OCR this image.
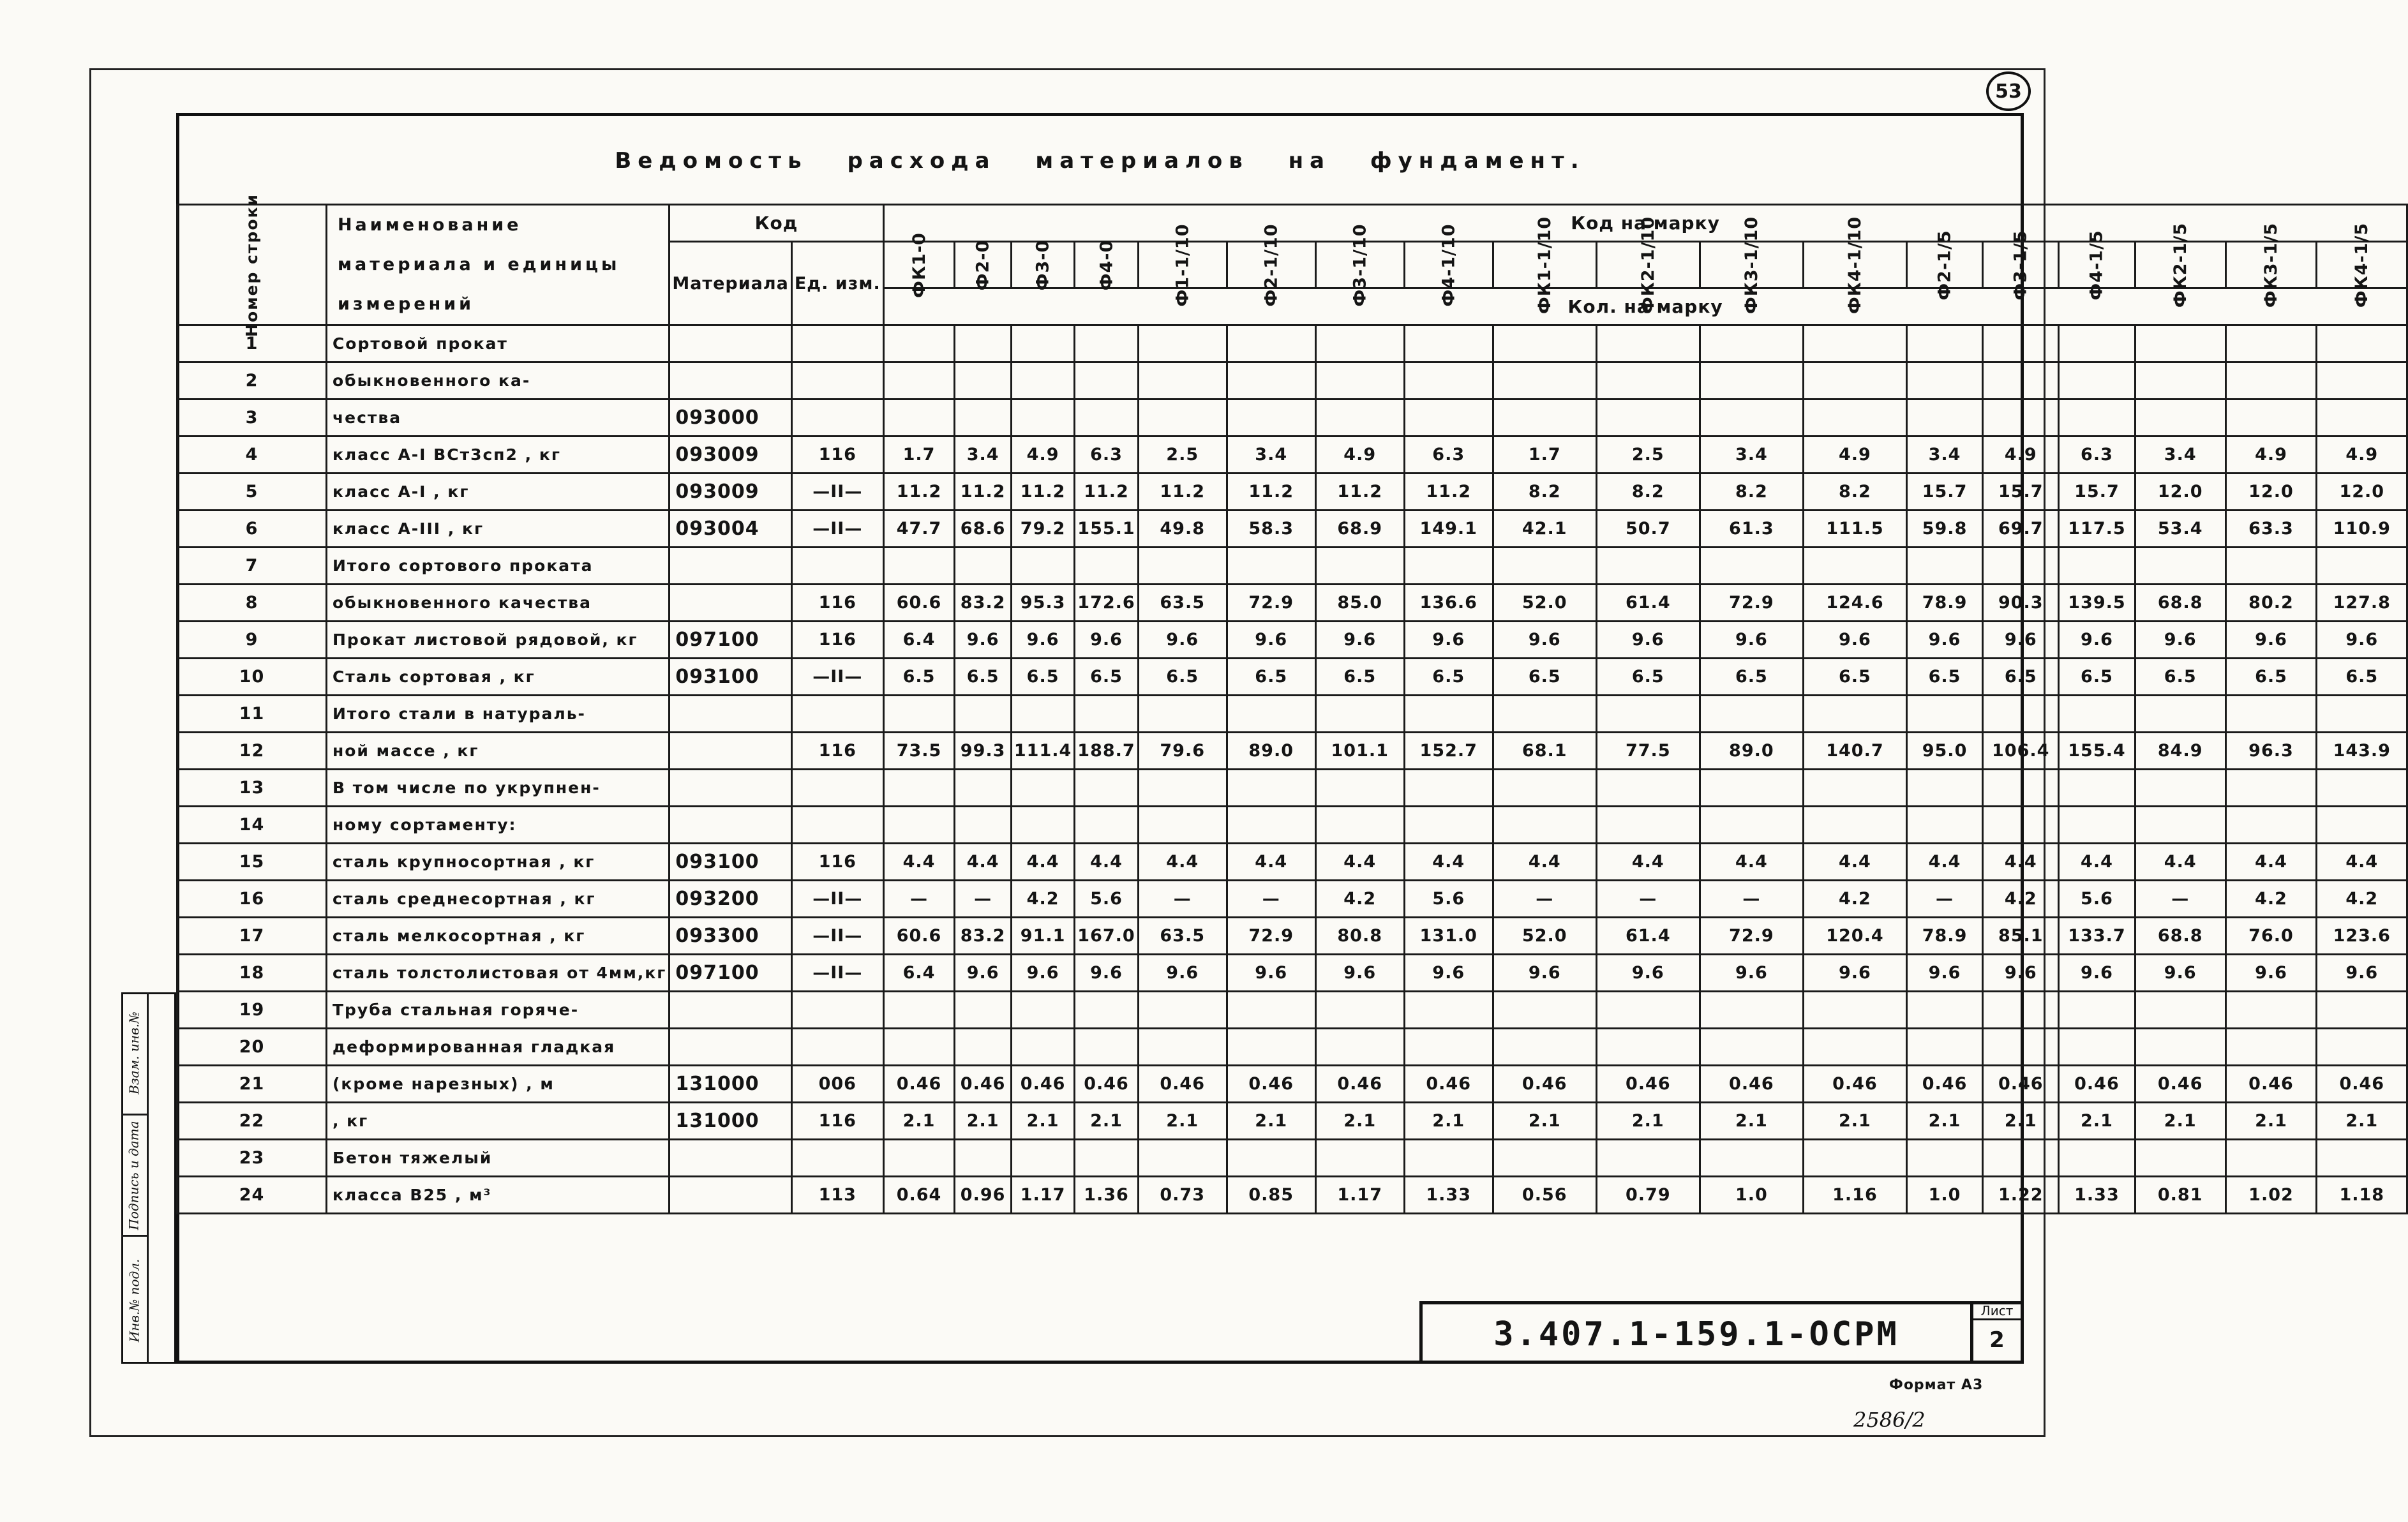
53
Ведомость расхода материалов на фундамент.
Номер строки	Наименование материала и единицы измерений	Код		Код на марку																	
		Материала	Ед. изм.	ФК1-0	Ф2-0	Ф3-0	Ф4-0	Ф1-1/10	Ф2-1/10	Ф3-1/10	Ф4-1/10	ФК1-1/10	ФК2-1/10	ФК3-1/10	ФК4-1/10	Ф2-1/5	Ф3-1/5	Ф4-1/5	ФК2-1/5	ФК3-1/5	ФК4-1/5
				Кол. на марку																	
1	Сортовой прокат																				
2	обыкновенного ка-																				
3	чества	093000																			
4	класс А-I ВСт3сп2 , кг	093009	116	1.7	3.4	4.9	6.3	2.5	3.4	4.9	6.3	1.7	2.5	3.4	4.9	3.4	4.9	6.3	3.4	4.9	4.9
5	класс А-I , кг	093009	—II—	11.2	11.2	11.2	11.2	11.2	11.2	11.2	11.2	8.2	8.2	8.2	8.2	15.7	15.7	15.7	12.0	12.0	12.0
6	класс А-III , кг	093004	—II—	47.7	68.6	79.2	155.1	49.8	58.3	68.9	149.1	42.1	50.7	61.3	111.5	59.8	69.7	117.5	53.4	63.3	110.9
7	Итого сортового проката																				
8	обыкновенного качества		116	60.6	83.2	95.3	172.6	63.5	72.9	85.0	136.6	52.0	61.4	72.9	124.6	78.9	90.3	139.5	68.8	80.2	127.8
9	Прокат листовой рядовой, кг	097100	116	6.4	9.6	9.6	9.6	9.6	9.6	9.6	9.6	9.6	9.6	9.6	9.6	9.6	9.6	9.6	9.6	9.6	9.6
10	Сталь сортовая , кг	093100	—II—	6.5	6.5	6.5	6.5	6.5	6.5	6.5	6.5	6.5	6.5	6.5	6.5	6.5	6.5	6.5	6.5	6.5	6.5
11	Итого стали в натураль-																				
12	ной массе , кг		116	73.5	99.3	111.4	188.7	79.6	89.0	101.1	152.7	68.1	77.5	89.0	140.7	95.0	106.4	155.4	84.9	96.3	143.9
13	В том числе по укрупнен-																				
14	ному сортаменту:																				
15	сталь крупносортная , кг	093100	116	4.4	4.4	4.4	4.4	4.4	4.4	4.4	4.4	4.4	4.4	4.4	4.4	4.4	4.4	4.4	4.4	4.4	4.4
16	сталь среднесортная , кг	093200	—II—	—	—	4.2	5.6	—	—	4.2	5.6	—	—	—	4.2	—	4.2	5.6	—	4.2	4.2
17	сталь мелкосортная , кг	093300	—II—	60.6	83.2	91.1	167.0	63.5	72.9	80.8	131.0	52.0	61.4	72.9	120.4	78.9	85.1	133.7	68.8	76.0	123.6
18	сталь толстолистовая от 4мм,кг	097100	—II—	6.4	9.6	9.6	9.6	9.6	9.6	9.6	9.6	9.6	9.6	9.6	9.6	9.6	9.6	9.6	9.6	9.6	9.6
19	Труба стальная горяче-																				
20	деформированная гладкая																				
21	(кроме нарезных) , м	131000	006	0.46	0.46	0.46	0.46	0.46	0.46	0.46	0.46	0.46	0.46	0.46	0.46	0.46	0.46	0.46	0.46	0.46	0.46
22	, кг	131000	116	2.1	2.1	2.1	2.1	2.1	2.1	2.1	2.1	2.1	2.1	2.1	2.1	2.1	2.1	2.1	2.1	2.1	2.1
23	Бетон тяжелый																				
24	класса В25 , м³		113	0.64	0.96	1.17	1.36	0.73	0.85	1.17	1.33	0.56	0.79	1.0	1.16	1.0	1.22	1.33	0.81	1.02	1.18
3.407.1-159.1-ОСРМ
Лист
2
Формат А3
2586/2
Взам. инв.№
Подпись и дата
Инв.№ подл.
